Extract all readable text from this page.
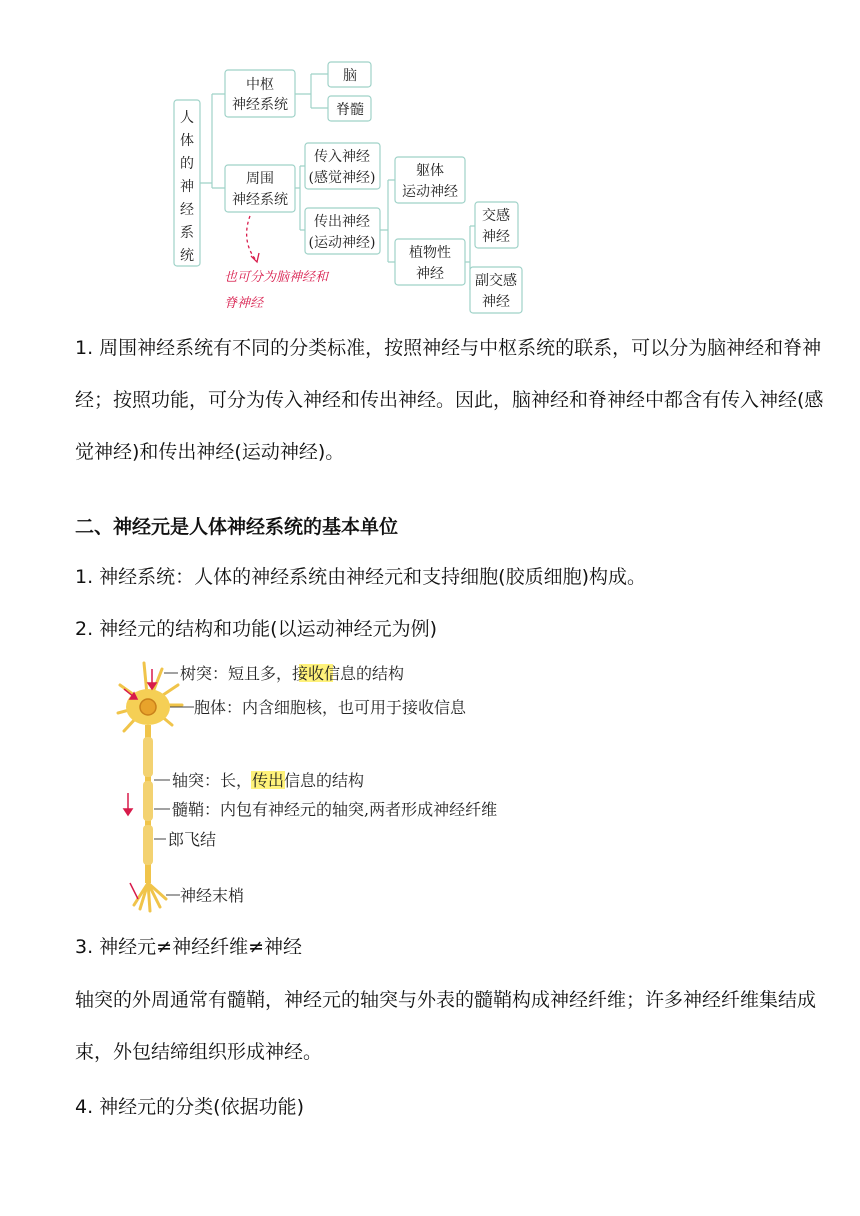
人
体
的
神
经
系
统
中枢
神经系统
脑
脊髓
周围
神经系统
传入神经
(感觉神经)
传出神经
(运动神经)
躯体
运动神经
植物性
神经
交感
神经
副交感
神经
也可分为脑神经和
脊神经

1. 周围神经系统有不同的分类标准，按照神经与中枢系统的联系，可以分为脑神经和脊神经；按照功能，可分为传入神经和传出神经。因此，脑神经和脊神经中都含有传入神经(感觉神经)和传出神经(运动神经)。

二、神经元是人体神经系统的基本单位

1. 神经系统：人体的神经系统由神经元和支持细胞(胶质细胞)构成。

2. 神经元的结构和功能(以运动神经元为例)

树突：短且多，接收信息的结构
胞体：内含细胞核，也可用于接收信息
轴突：长，传出信息的结构
髓鞘：内包有神经元的轴突,两者形成神经纤维
郎飞结
神经末梢

3. 神经元≠神经纤维≠神经

轴突的外周通常有髓鞘，神经元的轴突与外表的髓鞘构成神经纤维；许多神经纤维集结成束，外包结缔组织形成神经。

4. 神经元的分类(依据功能)
